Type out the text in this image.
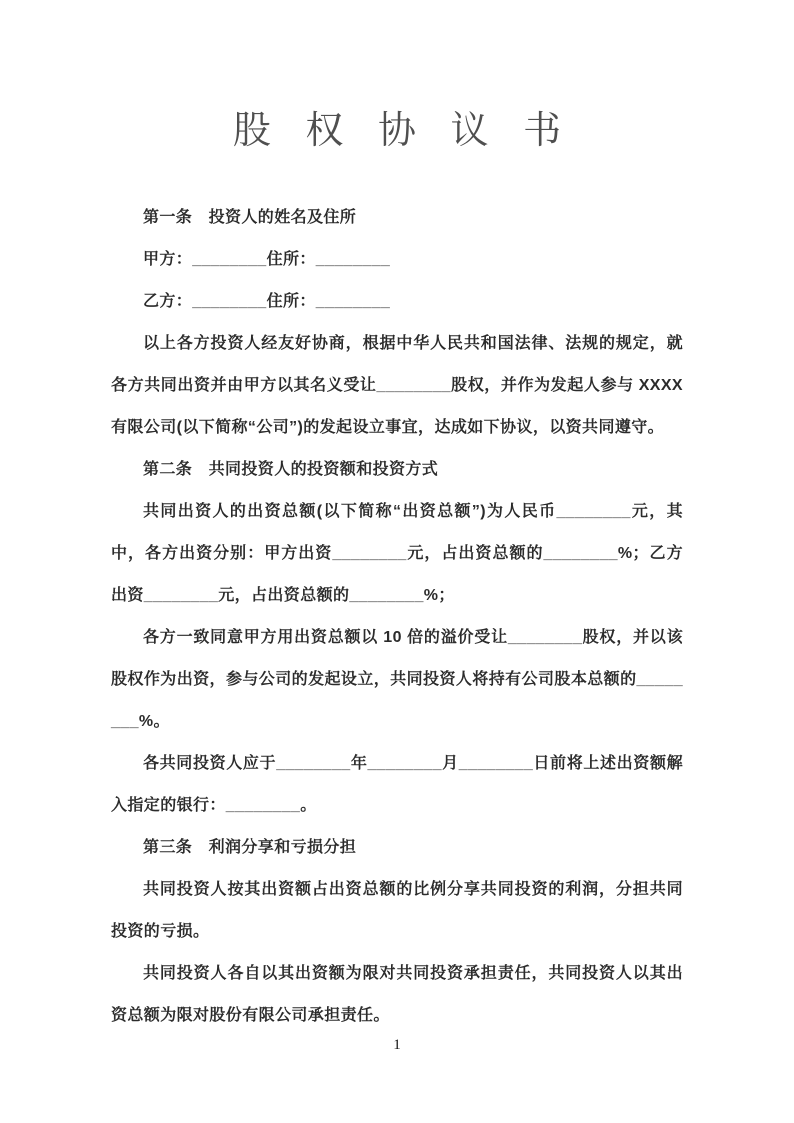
股 权 协 议 书

第一条　投资人的姓名及住所

甲方：________住所：________

乙方：________住所：________

以上各方投资人经友好协商，根据中华人民共和国法律、法规的规定，就各方共同出资并由甲方以其名义受让________股权，并作为发起人参与 XXXX 有限公司(以下简称“公司”)的发起设立事宜，达成如下协议，以资共同遵守。

第二条　共同投资人的投资额和投资方式

共同出资人的出资总额(以下简称“出资总额”)为人民币________元，其中，各方出资分别：甲方出资________元，占出资总额的________%；乙方出资________元，占出资总额的________%；

各方一致同意甲方用出资总额以 10 倍的溢价受让________股权，并以该股权作为出资，参与公司的发起设立，共同投资人将持有公司股本总额的________%。

各共同投资人应于________年________月________日前将上述出资额解入指定的银行：________。

第三条　利润分享和亏损分担

共同投资人按其出资额占出资总额的比例分享共同投资的利润，分担共同投资的亏损。

共同投资人各自以其出资额为限对共同投资承担责任，共同投资人以其出资总额为限对股份有限公司承担责任。

1
